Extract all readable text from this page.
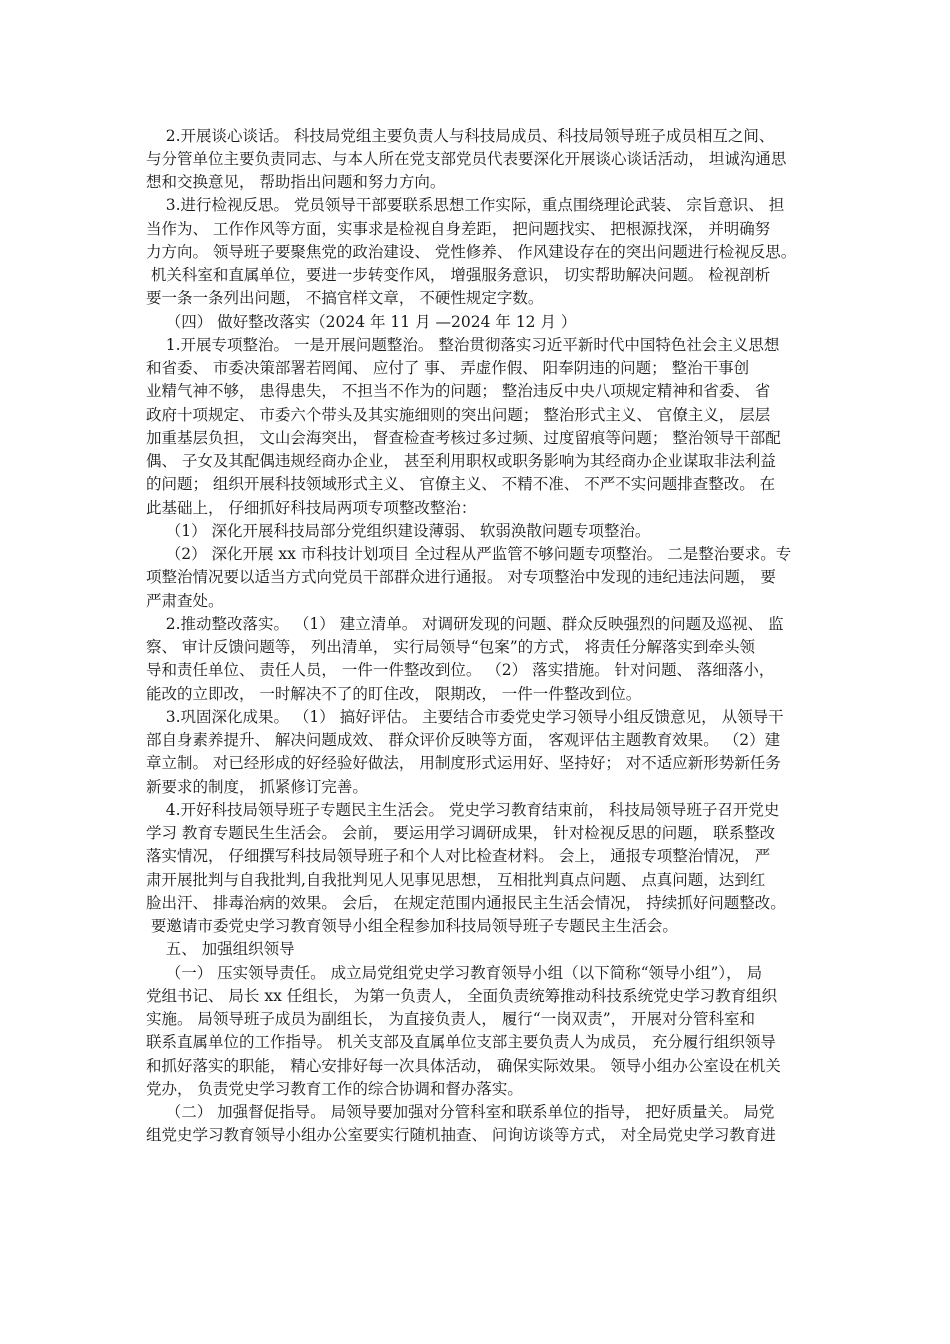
2.开展谈心谈话。 科技局党组主要负责人与科技局成员、科技局领导班子成员相互之间、
与分管单位主要负责同志、与本人所在党支部党员代表要深化开展谈心谈话活动， 坦诚沟通思
想和交换意见， 帮助指出问题和努力方向。
3.进行检视反思。 党员领导干部要联系思想工作实际，重点围绕理论武装、 宗旨意识、 担
当作为、 工作作风等方面，实事求是检视自身差距， 把问题找实、 把根源找深， 并明确努
力方向。 领导班子要聚焦党的政治建设、 党性修养、 作风建设存在的突出问题进行检视反思。
机关科室和直属单位，要进一步转变作风， 增强服务意识， 切实帮助解决问题。 检视剖析
要一条一条列出问题， 不搞官样文章， 不硬性规定字数。
（四） 做好整改落实（2024 年 11 月 —2024 年 12 月 ）
1.开展专项整治。 一是开展问题整治。 整治贯彻落实习近平新时代中国特色社会主义思想
和省委、 市委决策部署若罔闻、 应付了 事、 弄虚作假、 阳奉阴违的问题； 整治干事创
业精气神不够， 患得患失， 不担当不作为的问题； 整治违反中央八项规定精神和省委、 省
政府十项规定、 市委六个带头及其实施细则的突出问题； 整治形式主义、 官僚主义， 层层
加重基层负担， 文山会海突出， 督查检查考核过多过频、过度留痕等问题； 整治领导干部配
偶、 子女及其配偶违规经商办企业， 甚至利用职权或职务影响为其经商办企业谋取非法利益
的问题； 组织开展科技领域形式主义、 官僚主义、 不精不准、 不严不实问题排查整改。 在
此基础上， 仔细抓好科技局两项专项整改整治：
（1） 深化开展科技局部分党组织建设薄弱、 软弱涣散问题专项整治。
（2） 深化开展 xx 市科技计划项目 全过程从严监管不够问题专项整治。 二是整治要求。专
项整治情况要以适当方式向党员干部群众进行通报。 对专项整治中发现的违纪违法问题， 要
严肃查处。
2.推动整改落实。 （1） 建立清单。 对调研发现的问题、群众反映强烈的问题及巡视、 监
察、 审计反馈问题等， 列出清单， 实行局领导“包案”的方式， 将责任分解落实到牵头领
导和责任单位、 责任人员， 一件一件整改到位。 （2） 落实措施。 针对问题、 落细落小，
能改的立即改， 一时解决不了的盯住改， 限期改， 一件一件整改到位。
3.巩固深化成果。 （1） 搞好评估。 主要结合市委党史学习领导小组反馈意见， 从领导干
部自身素养提升、 解决问题成效、 群众评价反映等方面， 客观评估主题教育效果。 （2）建
章立制。 对已经形成的好经验好做法， 用制度形式运用好、坚持好； 对不适应新形势新任务
新要求的制度， 抓紧修订完善。
4.开好科技局领导班子专题民主生活会。 党史学习教育结束前， 科技局领导班子召开党史
学习 教育专题民生生活会。 会前， 要运用学习调研成果， 针对检视反思的问题， 联系整改
落实情况， 仔细撰写科技局领导班子和个人对比检查材料。 会上， 通报专项整治情况， 严
肃开展批判与自我批判,自我批判见人见事见思想， 互相批判真点问题、 点真问题，达到红
脸出汗、 排毒治病的效果。 会后， 在规定范围内通报民主生活会情况， 持续抓好问题整改。
要邀请市委党史学习教育领导小组全程参加科技局领导班子专题民主生活会。
五、 加强组织领导
（一） 压实领导责任。 成立局党组党史学习教育领导小组（以下简称“领导小组”）， 局
党组书记、 局长 xx 任组长， 为第一负责人， 全面负责统筹推动科技系统党史学习教育组织
实施。 局领导班子成员为副组长， 为直接负责人， 履行“一岗双责”， 开展对分管科室和
联系直属单位的工作指导。 机关支部及直属单位支部主要负责人为成员， 充分履行组织领导
和抓好落实的职能， 精心安排好每一次具体活动， 确保实际效果。 领导小组办公室设在机关
党办， 负责党史学习教育工作的综合协调和督办落实。
（二） 加强督促指导。 局领导要加强对分管科室和联系单位的指导， 把好质量关。 局党
组党史学习教育领导小组办公室要实行随机抽查、 问询访谈等方式， 对全局党史学习教育进
